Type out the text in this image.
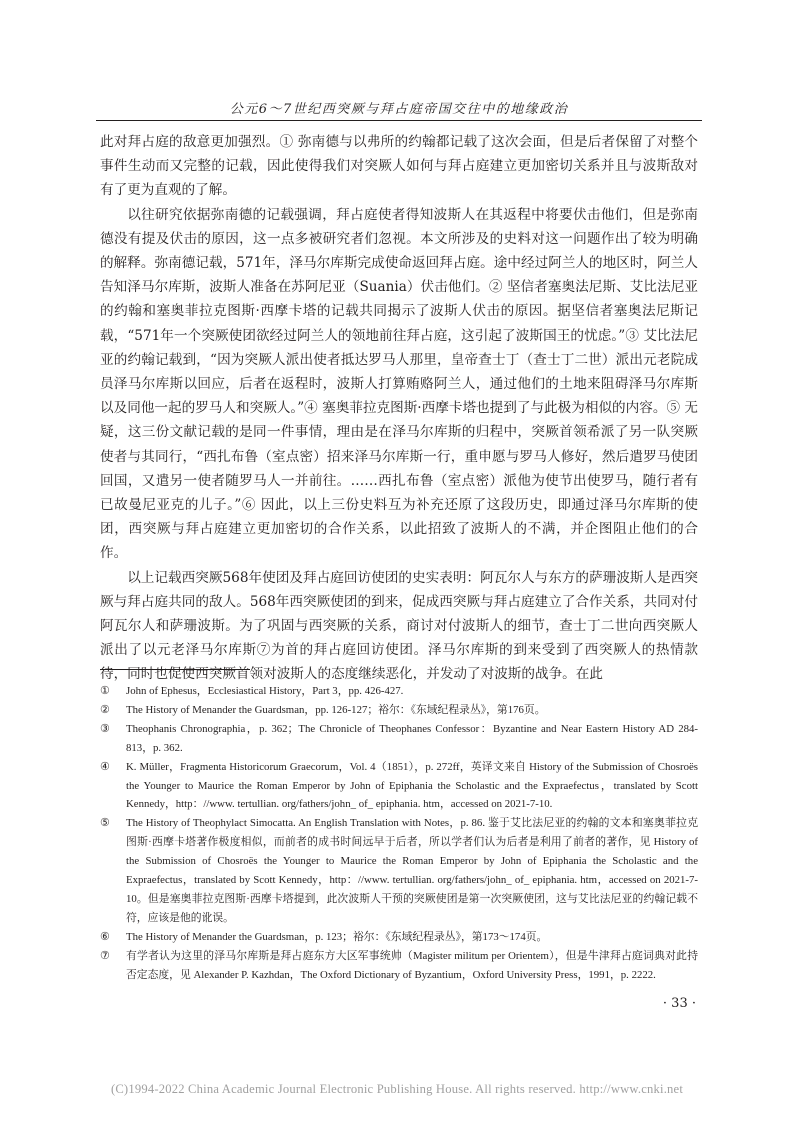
公元6～7世纪西突厥与拜占庭帝国交往中的地缘政治

此对拜占庭的敌意更加强烈。① 弥南德与以弗所的约翰都记载了这次会面，但是后者保留了对整个事件生动而又完整的记载，因此使得我们对突厥人如何与拜占庭建立更加密切关系并且与波斯敌对有了更为直观的了解。

以往研究依据弥南德的记载强调，拜占庭使者得知波斯人在其返程中将要伏击他们，但是弥南德没有提及伏击的原因，这一点多被研究者们忽视。本文所涉及的史料对这一问题作出了较为明确的解释。弥南德记载，571年，泽马尔库斯完成使命返回拜占庭。途中经过阿兰人的地区时，阿兰人告知泽马尔库斯，波斯人准备在苏阿尼亚（Suania）伏击他们。② 坚信者塞奥法尼斯、艾比法尼亚的约翰和塞奥菲拉克图斯·西摩卡塔的记载共同揭示了波斯人伏击的原因。据坚信者塞奥法尼斯记载，“571年一个突厥使团欲经过阿兰人的领地前往拜占庭，这引起了波斯国王的忧虑。”③ 艾比法尼亚的约翰记载到，“因为突厥人派出使者抵达罗马人那里，皇帝查士丁（查士丁二世）派出元老院成员泽马尔库斯以回应，后者在返程时，波斯人打算贿赂阿兰人，通过他们的土地来阻碍泽马尔库斯以及同他一起的罗马人和突厥人。”④ 塞奥菲拉克图斯·西摩卡塔也提到了与此极为相似的内容。⑤ 无疑，这三份文献记载的是同一件事情，理由是在泽马尔库斯的归程中，突厥首领希派了另一队突厥使者与其同行，“西扎布鲁（室点密）招来泽马尔库斯一行，重申愿与罗马人修好，然后遣罗马使团回国，又遣另一使者随罗马人一并前往。……西扎布鲁（室点密）派他为使节出使罗马，随行者有已故曼尼亚克的儿子。”⑥ 因此，以上三份史料互为补充还原了这段历史，即通过泽马尔库斯的使团，西突厥与拜占庭建立更加密切的合作关系，以此招致了波斯人的不满，并企图阻止他们的合作。

以上记载西突厥568年使团及拜占庭回访使团的史实表明：阿瓦尔人与东方的萨珊波斯人是西突厥与拜占庭共同的敌人。568年西突厥使团的到来，促成西突厥与拜占庭建立了合作关系，共同对付阿瓦尔人和萨珊波斯。为了巩固与西突厥的关系，商讨对付波斯人的细节，查士丁二世向西突厥人派出了以元老泽马尔库斯⑦为首的拜占庭回访使团。泽马尔库斯的到来受到了西突厥人的热情款待，同时也促使西突厥首领对波斯人的态度继续恶化，并发动了对波斯的战争。在此

①	John of Ephesus，Ecclesiastical History，Part 3，pp. 426-427.
②	The History of Menander the Guardsman，pp. 126-127；裕尔：《东域纪程录丛》，第176页。
③	Theophanis Chronographia，p. 362；The Chronicle of Theophanes Confessor：Byzantine and Near Eastern History AD 284-813，p. 362.
④	K. Müller，Fragmenta Historicorum Graecorum，Vol. 4（1851），p. 272ff，英译文来自 History of the Submission of Chosroës the Younger to Maurice the Roman Emperor by John of Epiphania the Scholastic and the Expraefectus，translated by Scott Kennedy，http：//www. tertullian. org/fathers/john_ of_ epiphania. htm，accessed on 2021-7-10.
⑤	The History of Theophylact Simocatta. An English Translation with Notes，p. 86. 鉴于艾比法尼亚的约翰的文本和塞奥菲拉克图斯·西摩卡塔著作极度相似，而前者的成书时间远早于后者，所以学者们认为后者是利用了前者的著作，见 History of the Submission of Chosroës the Younger to Maurice the Roman Emperor by John of Epiphania the Scholastic and the Expraefectus，translated by Scott Kennedy，http：//www. tertullian. org/fathers/john_ of_ epiphania. htm，accessed on 2021-7-10。但是塞奥菲拉克图斯·西摩卡塔提到，此次波斯人干预的突厥使团是第一次突厥使团，这与艾比法尼亚的约翰记载不符，应该是他的讹误。
⑥	The History of Menander the Guardsman，p. 123；裕尔：《东域纪程录丛》，第173～174页。
⑦	有学者认为这里的泽马尔库斯是拜占庭东方大区军事统帅（Magister militum per Orientem），但是牛津拜占庭词典对此持否定态度，见 Alexander P. Kazhdan，The Oxford Dictionary of Byzantium，Oxford University Press，1991，p. 2222.
· 33 ·
(C)1994-2022 China Academic Journal Electronic Publishing House. All rights reserved. http://www.cnki.net
